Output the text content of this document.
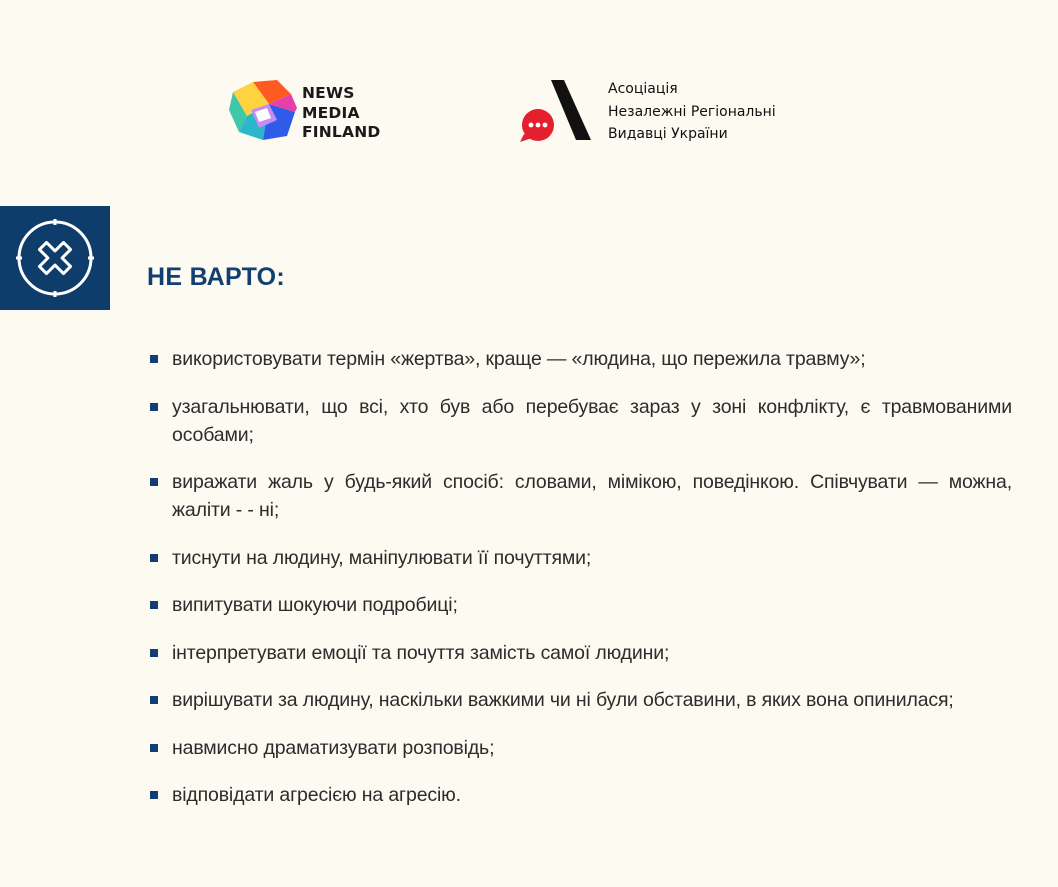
NEWS
MEDIA
FINLAND
Асоціація
Незалежні Регіональні
Видавці України
НЕ ВАРТО:
використовувати термін «жертва», краще — «людина, що пережила травму»;
узагальнювати, що всі, хто був або перебуває зараз у зоні конфлікту, є травмованими особами;
виражати жаль у будь-який спосіб: словами, мімікою, поведінкою. Співчувати — можна, жаліти - - ні;
тиснути на людину, маніпулювати її почуттями;
випитувати шокуючи подробиці;
інтерпретувати емоції та почуття замість самої людини;
вирішувати за людину, наскільки важкими чи ні були обставини, в яких вона опинилася;
навмисно драматизувати розповідь;
відповідати агресією на агресію.
